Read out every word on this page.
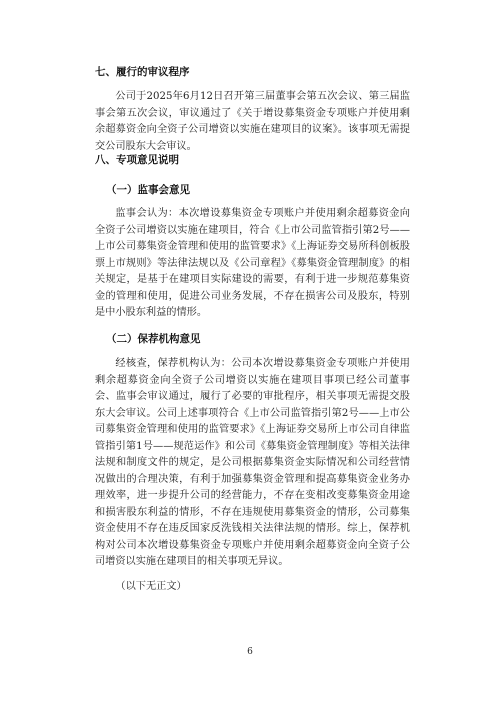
七、履行的审议程序
公司于2025年6月12日召开第三届董事会第五次会议、第三届监事会第五次会议，审议通过了《关于增设募集资金专项账户并使用剩余超募资金向全资子公司增资以实施在建项目的议案》。该事项无需提交公司股东大会审议。
八、专项意见说明
（一）监事会意见
监事会认为：本次增设募集资金专项账户并使用剩余超募资金向全资子公司增资以实施在建项目，符合《上市公司监管指引第2号——上市公司募集资金管理和使用的监管要求》《上海证券交易所科创板股票上市规则》等法律法规以及《公司章程》《募集资金管理制度》的相关规定，是基于在建项目实际建设的需要，有利于进一步规范募集资金的管理和使用，促进公司业务发展，不存在损害公司及股东，特别是中小股东利益的情形。
（二）保荐机构意见
经核查，保荐机构认为：公司本次增设募集资金专项账户并使用剩余超募资金向全资子公司增资以实施在建项目事项已经公司董事会、监事会审议通过，履行了必要的审批程序，相关事项无需提交股东大会审议。公司上述事项符合《上市公司监管指引第2号——上市公司募集资金管理和使用的监管要求》《上海证券交易所上市公司自律监管指引第1号——规范运作》和公司《募集资金管理制度》等相关法律法规和制度文件的规定，是公司根据募集资金实际情况和公司经营情况做出的合理决策，有利于加强募集资金管理和提高募集资金业务办理效率，进一步提升公司的经营能力，不存在变相改变募集资金用途和损害股东利益的情形，不存在违规使用募集资金的情形，公司募集资金使用不存在违反国家反洗钱相关法律法规的情形。综上，保荐机构对公司本次增设募集资金专项账户并使用剩余超募资金向全资子公司增资以实施在建项目的相关事项无异议。
（以下无正文）
6
